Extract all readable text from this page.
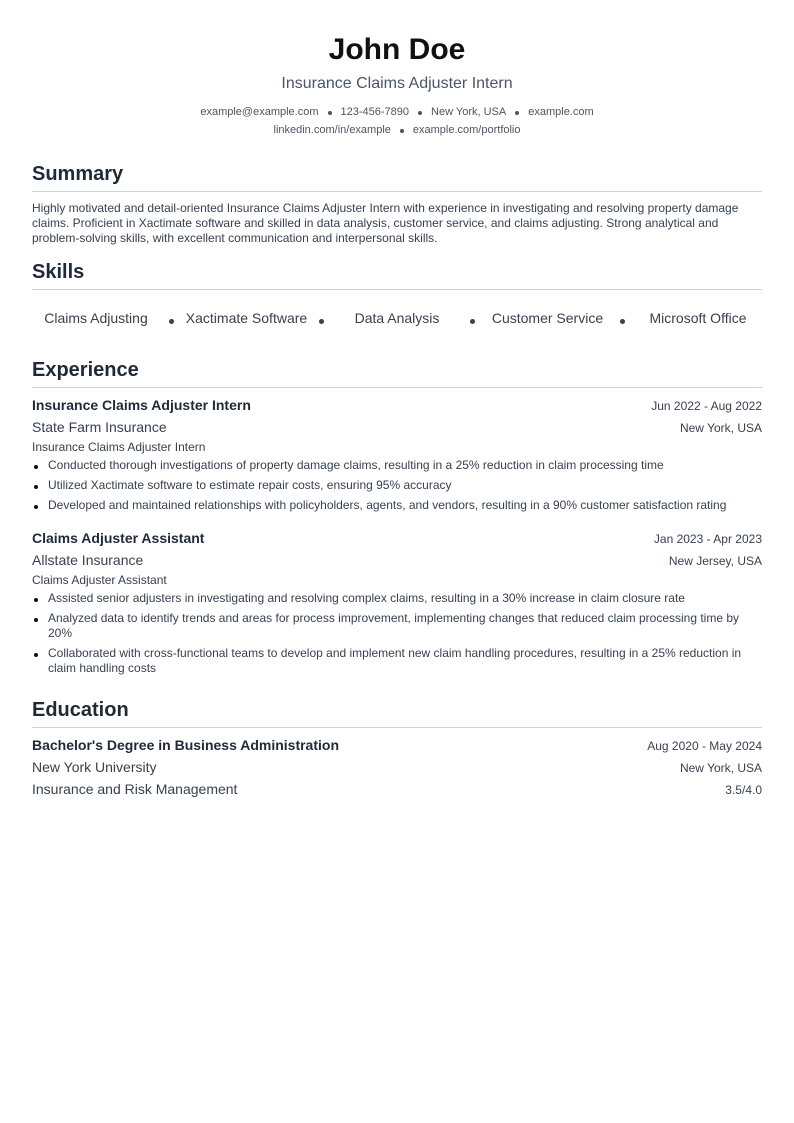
John Doe
Insurance Claims Adjuster Intern
example@example.com 123-456-7890 New York, USA example.com
linkedin.com/in/example example.com/portfolio
Summary
Highly motivated and detail-oriented Insurance Claims Adjuster Intern with experience in investigating and resolving property damage claims. Proficient in Xactimate software and skilled in data analysis, customer service, and claims adjusting. Strong analytical and problem-solving skills, with excellent communication and interpersonal skills.
Skills
Claims Adjusting	Xactimate Software	Data Analysis	Customer Service	Microsoft Office
Experience
Insurance Claims Adjuster Intern	Jun 2022 - Aug 2022
State Farm Insurance	New York, USA
Insurance Claims Adjuster Intern
Conducted thorough investigations of property damage claims, resulting in a 25% reduction in claim processing time
Utilized Xactimate software to estimate repair costs, ensuring 95% accuracy
Developed and maintained relationships with policyholders, agents, and vendors, resulting in a 90% customer satisfaction rating
Claims Adjuster Assistant	Jan 2023 - Apr 2023
Allstate Insurance	New Jersey, USA
Claims Adjuster Assistant
Assisted senior adjusters in investigating and resolving complex claims, resulting in a 30% increase in claim closure rate
Analyzed data to identify trends and areas for process improvement, implementing changes that reduced claim processing time by 20%
Collaborated with cross-functional teams to develop and implement new claim handling procedures, resulting in a 25% reduction in claim handling costs
Education
Bachelor's Degree in Business Administration	Aug 2020 - May 2024
New York University	New York, USA
Insurance and Risk Management	3.5/4.0
